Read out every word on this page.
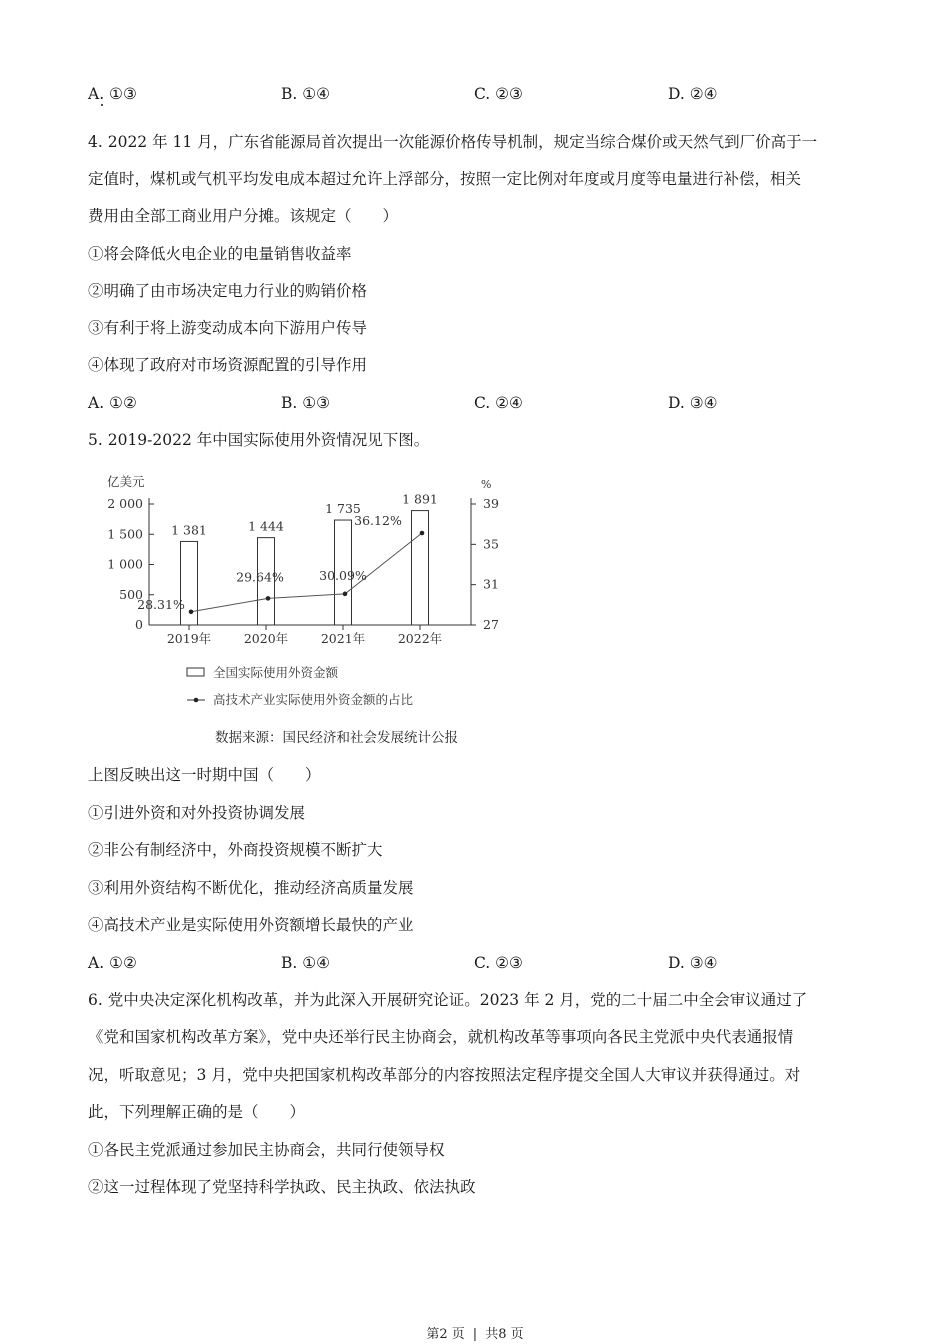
A. ①③	B. ①④	C. ②③	D. ②④
4. 2022 年 11 月，广东省能源局首次提出一次能源价格传导机制，规定当综合煤价或天然气到厂价高于一
定值时，煤机或气机平均发电成本超过允许上浮部分，按照一定比例对年度或月度等电量进行补偿，相关
费用由全部工商业用户分摊。该规定（　　）
①将会降低火电企业的电量销售收益率
②明确了由市场决定电力行业的购销价格
③有利于将上游变动成本向下游用户传导
④体现了政府对市场资源配置的引导作用
A. ①②	B. ①③	C. ②④	D. ③④
5. 2019-2022 年中国实际使用外资情况见下图。
亿美元	%
0
500
1 000
1 500
2 000
27
31
35
39
2019年	2020年	2021年	2022年
1 381	1 444
1 735
1 891
28.31%
29.64%	30.09%
36.12%
全国实际使用外资金额
高技术产业实际使用外资金额的占比
数据来源：国民经济和社会发展统计公报
上图反映出这一时期中国（　　）
①引进外资和对外投资协调发展
②非公有制经济中，外商投资规模不断扩大
③利用外资结构不断优化，推动经济高质量发展
④高技术产业是实际使用外资额增长最快的产业
A. ①②	B. ①④	C. ②③	D. ③④
6. 党中央决定深化机构改革，并为此深入开展研究论证。2023 年 2 月，党的二十届二中全会审议通过了
《党和国家机构改革方案》，党中央还举行民主协商会，就机构改革等事项向各民主党派中央代表通报情
况，听取意见；3 月，党中央把国家机构改革部分的内容按照法定程序提交全国人大审议并获得通过。对
此，下列理解正确的是（　　）
①各民主党派通过参加民主协商会，共同行使领导权
②这一过程体现了党坚持科学执政、民主执政、依法执政
第2 页 | 共8 页
